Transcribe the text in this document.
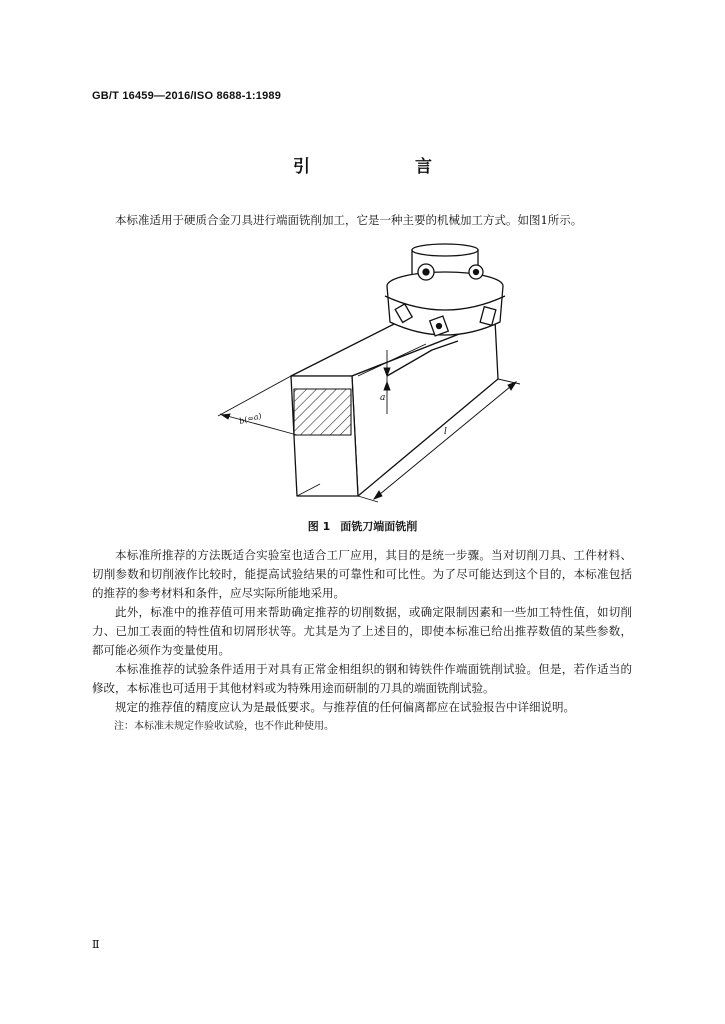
GB/T 16459—2016/ISO 8688-1:1989
引　言
本标准适用于硬质合金刀具进行端面铣削加工，它是一种主要的机械加工方式。如图1所示。
a
b(≈a)
l
图 1 面铣刀端面铣削
本标准所推荐的方法既适合实验室也适合工厂应用，其目的是统一步骤。当对切削刀具、工件材料、切削参数和切削液作比较时，能提高试验结果的可靠性和可比性。为了尽可能达到这个目的，本标准包括的推荐的参考材料和条件，应尽实际所能地采用。
此外，标准中的推荐值可用来帮助确定推荐的切削数据，或确定限制因素和一些加工特性值，如切削力、已加工表面的特性值和切屑形状等。尤其是为了上述目的，即使本标准已给出推荐数值的某些参数，都可能必须作为变量使用。
本标准推荐的试验条件适用于对具有正常金相组织的钢和铸铁件作端面铣削试验。但是，若作适当的修改，本标准也可适用于其他材料或为特殊用途而研制的刀具的端面铣削试验。
规定的推荐值的精度应认为是最低要求。与推荐值的任何偏离都应在试验报告中详细说明。
注：本标准未规定作验收试验，也不作此种使用。
Ⅱ
